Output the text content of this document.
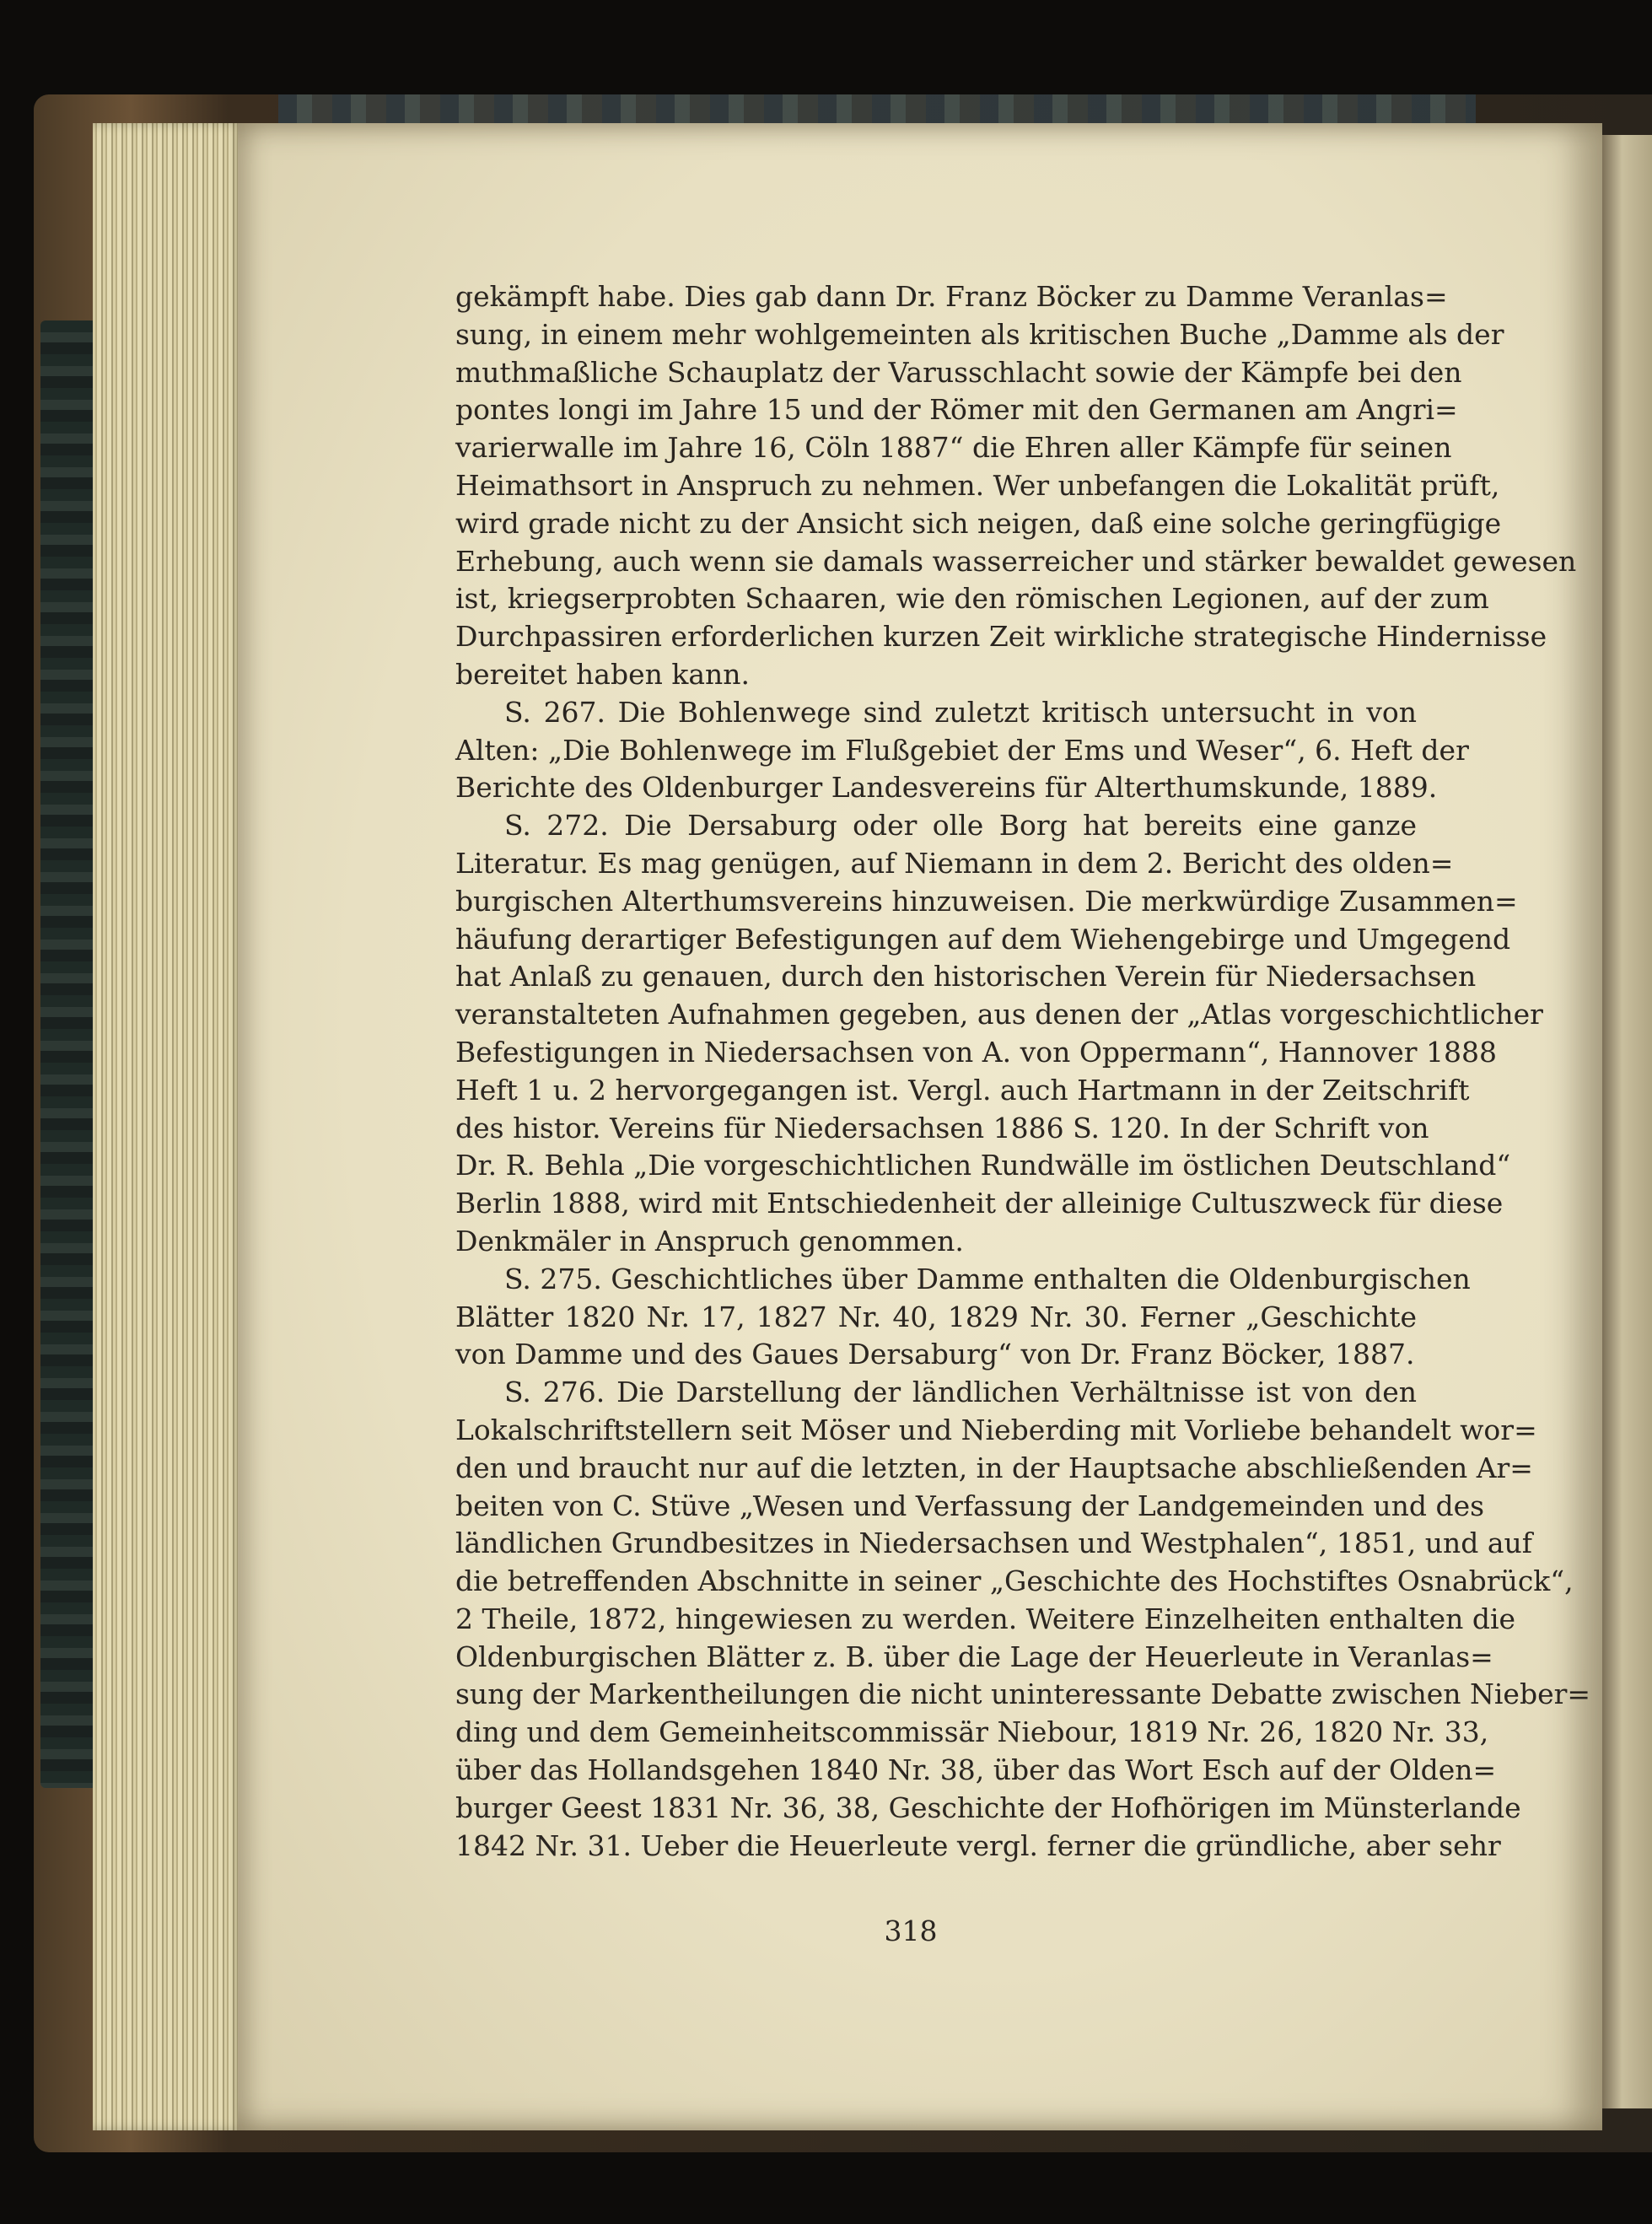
gekämpft habe. Dies gab dann Dr. Franz Böcker zu Damme Veranlas=
sung, in einem mehr wohlgemeinten als kritischen Buche „Damme als der
muthmaßliche Schauplatz der Varusschlacht sowie der Kämpfe bei den
pontes longi im Jahre 15 und der Römer mit den Germanen am Angri=
varierwalle im Jahre 16, Cöln 1887“ die Ehren aller Kämpfe für seinen
Heimathsort in Anspruch zu nehmen. Wer unbefangen die Lokalität prüft,
wird grade nicht zu der Ansicht sich neigen, daß eine solche geringfügige
Erhebung, auch wenn sie damals wasserreicher und stärker bewaldet gewesen
ist, kriegserprobten Schaaren, wie den römischen Legionen, auf der zum
Durchpassiren erforderlichen kurzen Zeit wirkliche strategische Hindernisse
bereitet haben kann.
S. 267. Die Bohlenwege sind zuletzt kritisch untersucht in von
Alten: „Die Bohlenwege im Flußgebiet der Ems und Weser“, 6. Heft der
Berichte des Oldenburger Landesvereins für Alterthumskunde, 1889.
S. 272. Die Dersaburg oder olle Borg hat bereits eine ganze
Literatur. Es mag genügen, auf Niemann in dem 2. Bericht des olden=
burgischen Alterthumsvereins hinzuweisen. Die merkwürdige Zusammen=
häufung derartiger Befestigungen auf dem Wiehengebirge und Umgegend
hat Anlaß zu genauen, durch den historischen Verein für Niedersachsen
veranstalteten Aufnahmen gegeben, aus denen der „Atlas vorgeschichtlicher
Befestigungen in Niedersachsen von A. von Oppermann“, Hannover 1888
Heft 1 u. 2 hervorgegangen ist. Vergl. auch Hartmann in der Zeitschrift
des histor. Vereins für Niedersachsen 1886 S. 120. In der Schrift von
Dr. R. Behla „Die vorgeschichtlichen Rundwälle im östlichen Deutschland“
Berlin 1888, wird mit Entschiedenheit der alleinige Cultuszweck für diese
Denkmäler in Anspruch genommen.
S. 275. Geschichtliches über Damme enthalten die Oldenburgischen
Blätter 1820 Nr. 17, 1827 Nr. 40, 1829 Nr. 30. Ferner „Geschichte
von Damme und des Gaues Dersaburg“ von Dr. Franz Böcker, 1887.
S. 276. Die Darstellung der ländlichen Verhältnisse ist von den
Lokalschriftstellern seit Möser und Nieberding mit Vorliebe behandelt wor=
den und braucht nur auf die letzten, in der Hauptsache abschließenden Ar=
beiten von C. Stüve „Wesen und Verfassung der Landgemeinden und des
ländlichen Grundbesitzes in Niedersachsen und Westphalen“, 1851, und auf
die betreffenden Abschnitte in seiner „Geschichte des Hochstiftes Osnabrück“,
2 Theile, 1872, hingewiesen zu werden. Weitere Einzelheiten enthalten die
Oldenburgischen Blätter z. B. über die Lage der Heuerleute in Veranlas=
sung der Markentheilungen die nicht uninteressante Debatte zwischen Nieber=
ding und dem Gemeinheitscommissär Niebour, 1819 Nr. 26, 1820 Nr. 33,
über das Hollandsgehen 1840 Nr. 38, über das Wort Esch auf der Olden=
burger Geest 1831 Nr. 36, 38, Geschichte der Hofhörigen im Münsterlande
1842 Nr. 31. Ueber die Heuerleute vergl. ferner die gründliche, aber sehr
318
